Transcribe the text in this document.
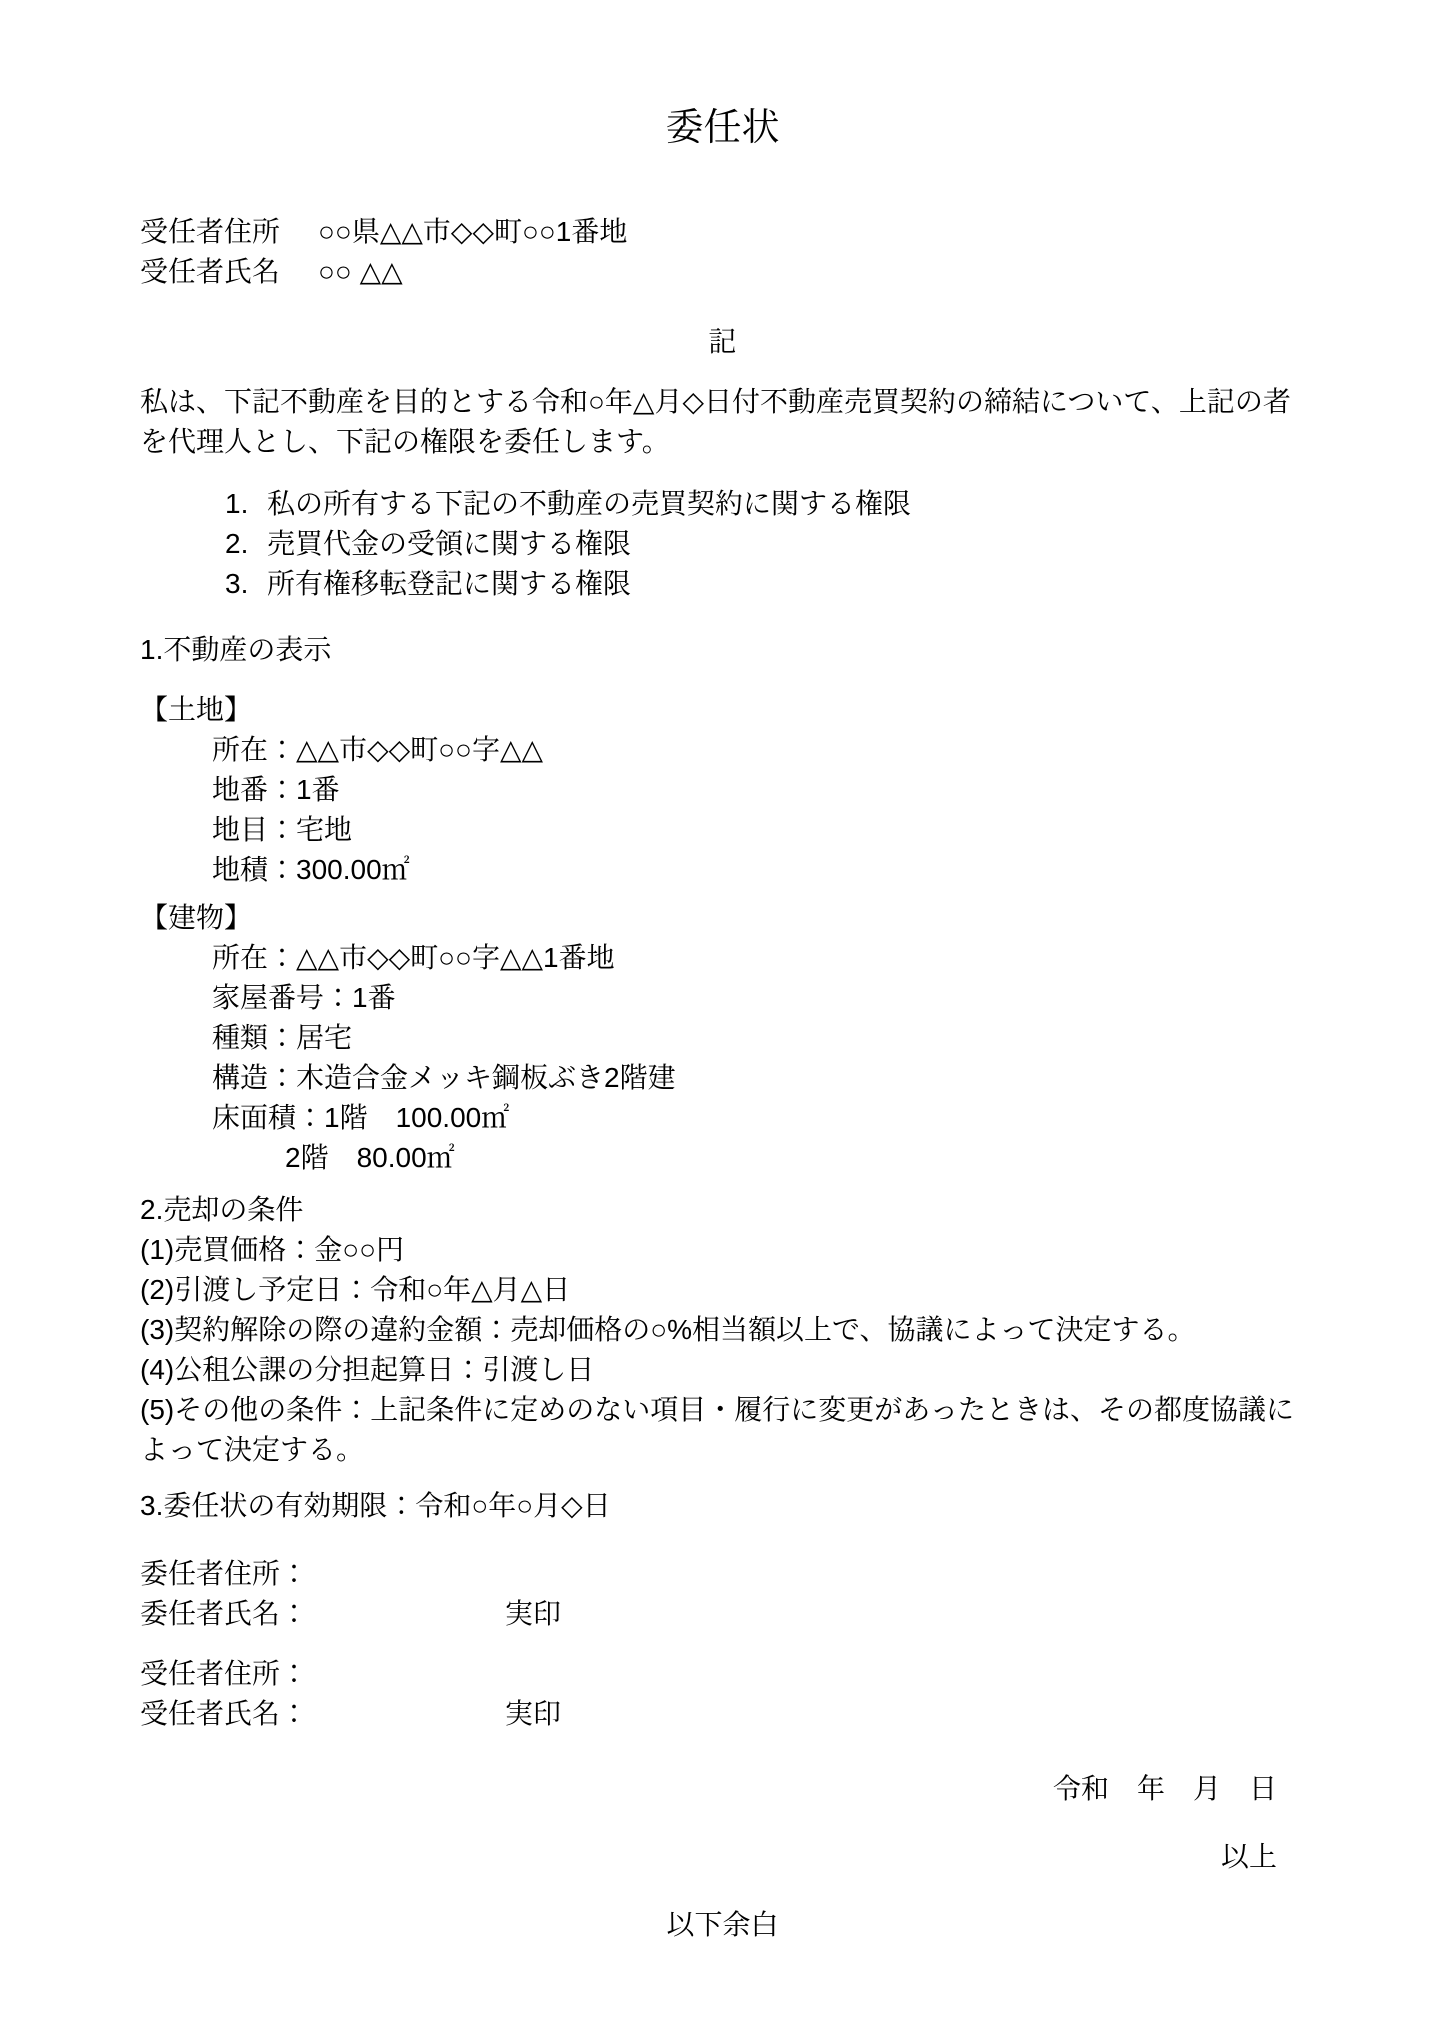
委任状
受任者住所 ○○県△△市◇◇町○○1番地
受任者氏名 ○○ △△
記

私は、下記不動産を目的とする令和○年△月◇日付不動産売買契約の締結について、上記の者を代理人とし、下記の権限を委任します。

1. 私の所有する下記の不動産の売買契約に関する権限
2. 売買代金の受領に関する権限
3. 所有権移転登記に関する権限
1.不動産の表示
【土地】
所在：△△市◇◇町○○字△△
地番：1番
地目：宅地
地積：300.00㎡
【建物】
所在：△△市◇◇町○○字△△1番地
家屋番号：1番
種類：居宅
構造：木造合金メッキ鋼板ぶき2階建
床面積：1階　100.00㎡
2階　80.00㎡
2.売却の条件
(1)売買価格：金○○円
(2)引渡し予定日：令和○年△月△日
(3)契約解除の際の違約金額：売却価格の○%相当額以上で、協議によって決定する。
(4)公租公課の分担起算日：引渡し日
(5)その他の条件：上記条件に定めのない項目・履行に変更があったときは、その都度協議によって決定する。
3.委任状の有効期限：令和○年○月◇日
委任者住所：
委任者氏名：	実印
受任者住所：
受任者氏名：	実印
令和　年　月　日
以上
以下余白
